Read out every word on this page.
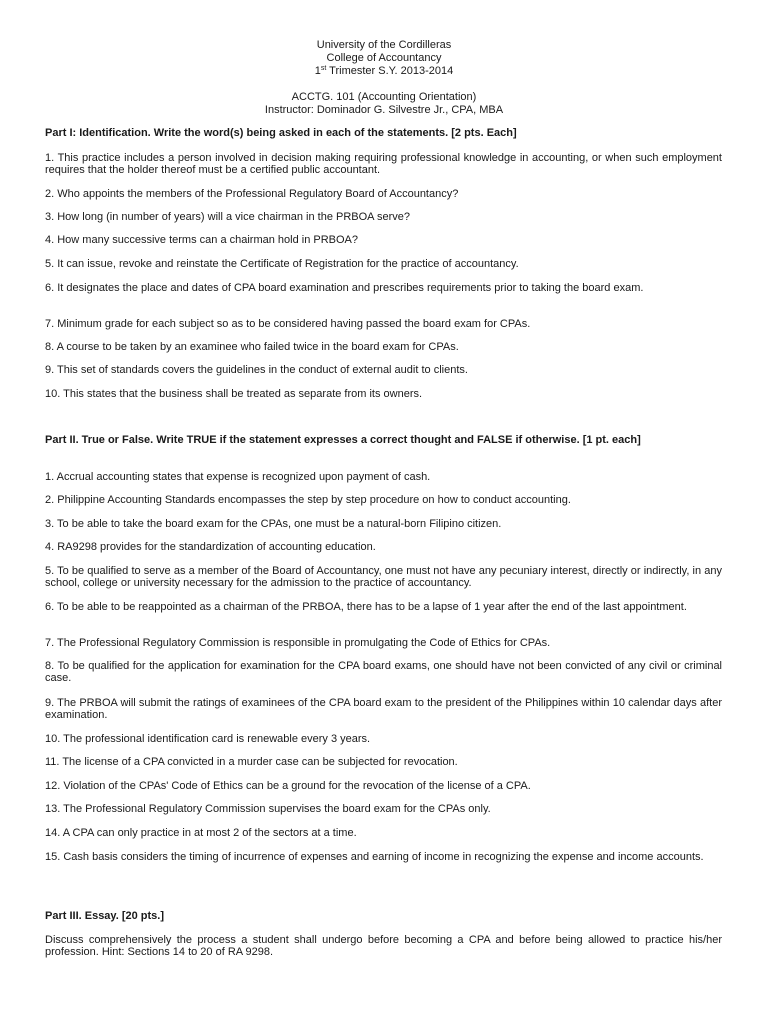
University of the Cordilleras
College of Accountancy
1st Trimester S.Y. 2013-2014
ACCTG. 101 (Accounting Orientation)
Instructor: Dominador G. Silvestre Jr., CPA, MBA
Part I: Identification. Write the word(s) being asked in each of the statements. [2 pts. Each]
1. This practice includes a person involved in decision making requiring professional knowledge in accounting, or when such employment requires that the holder thereof must be a certified public accountant.
2. Who appoints the members of the Professional Regulatory Board of Accountancy?
3. How long (in number of years) will a vice chairman in the PRBOA serve?
4. How many successive terms can a chairman hold in PRBOA?
5. It can issue, revoke and reinstate the Certificate of Registration for the practice of accountancy.
6. It designates the place and dates of CPA board examination and prescribes requirements prior to taking the board exam.
7. Minimum grade for each subject so as to be considered having passed the board exam for CPAs.
8. A course to be taken by an examinee who failed twice in the board exam for CPAs.
9. This set of standards covers the guidelines in the conduct of external audit to clients.
10. This states that the business shall be treated as separate from its owners.
Part II. True or False. Write TRUE if the statement expresses a correct thought and FALSE if otherwise. [1 pt. each]
1. Accrual accounting states that expense is recognized upon payment of cash.
2. Philippine Accounting Standards encompasses the step by step procedure on how to conduct accounting.
3. To be able to take the board exam for the CPAs, one must be a natural-born Filipino citizen.
4. RA9298 provides for the standardization of accounting education.
5. To be qualified to serve as a member of the Board of Accountancy, one must not have any pecuniary interest, directly or indirectly, in any school, college or university necessary for the admission to the practice of accountancy.
6. To be able to be reappointed as a chairman of the PRBOA, there has to be a lapse of 1 year after the end of the last appointment.
7. The Professional Regulatory Commission is responsible in promulgating the Code of Ethics for CPAs.
8. To be qualified for the application for examination for the CPA board exams, one should have not been convicted of any civil or criminal case.
9. The PRBOA will submit the ratings of examinees of the CPA board exam to the president of the Philippines within 10 calendar days after examination.
10. The professional identification card is renewable every 3 years.
11. The license of a CPA convicted in a murder case can be subjected for revocation.
12. Violation of the CPAs' Code of Ethics can be a ground for the revocation of the license of a CPA.
13. The Professional Regulatory Commission supervises the board exam for the CPAs only.
14. A CPA can only practice in at most 2 of the sectors at a time.
15. Cash basis considers the timing of incurrence of expenses and earning of income in recognizing the expense and income accounts.
Part III. Essay. [20 pts.]
Discuss comprehensively the process a student shall undergo before becoming a CPA and before being allowed to practice his/her profession. Hint: Sections 14 to 20 of RA 9298.
